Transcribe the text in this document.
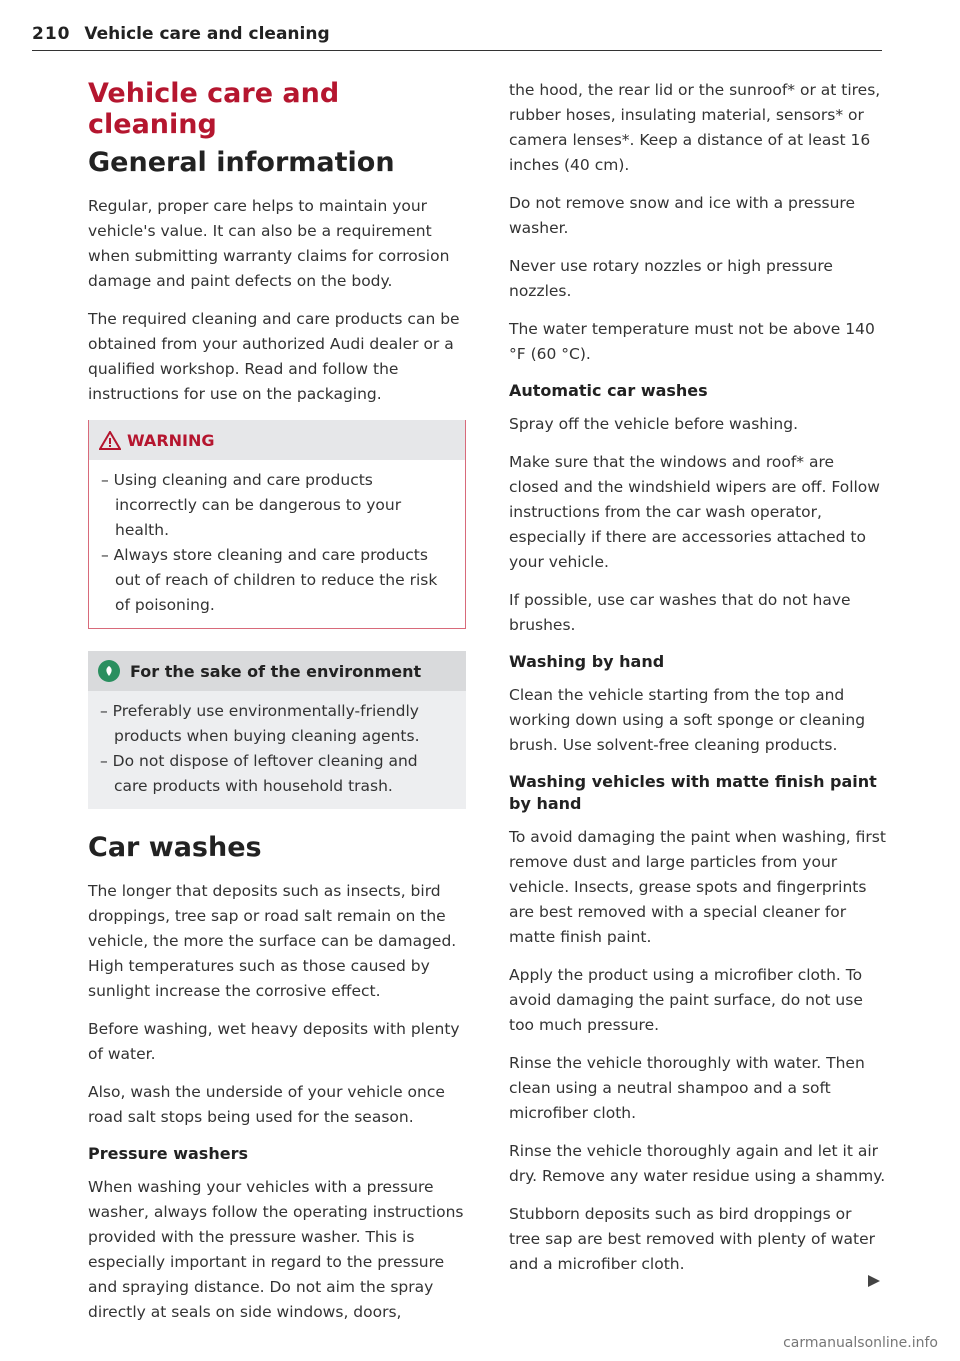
210 Vehicle care and cleaning
Vehicle care and cleaning
General information

Regular, proper care helps to maintain your vehicle's value. It can also be a requirement when submitting warranty claims for corrosion damage and paint defects on the body.

The required cleaning and care products can be obtained from your authorized Audi dealer or a qualified workshop. Read and follow the instructions for use on the packaging.

WARNING
– Using cleaning and care products incorrectly can be dangerous to your health.
– Always store cleaning and care products out of reach of children to reduce the risk of poisoning.
For the sake of the environment
– Preferably use environmentally-friendly products when buying cleaning agents.
– Do not dispose of leftover cleaning and care products with household trash.
Car washes

The longer that deposits such as insects, bird droppings, tree sap or road salt remain on the vehicle, the more the surface can be damaged. High temperatures such as those caused by sunlight increase the corrosive effect.

Before washing, wet heavy deposits with plenty of water.

Also, wash the underside of your vehicle once road salt stops being used for the season.

Pressure washers

When washing your vehicles with a pressure washer, always follow the operating instructions provided with the pressure washer. This is especially important in regard to the pressure and spraying distance. Do not aim the spray directly at seals on side windows, doors,

the hood, the rear lid or the sunroof* or at tires, rubber hoses, insulating material, sensors* or camera lenses*. Keep a distance of at least 16 inches (40 cm).

Do not remove snow and ice with a pressure washer.

Never use rotary nozzles or high pressure nozzles.

The water temperature must not be above 140 °F (60 °C).

Automatic car washes

Spray off the vehicle before washing.

Make sure that the windows and roof* are closed and the windshield wipers are off. Follow instructions from the car wash operator, especially if there are accessories attached to your vehicle.

If possible, use car washes that do not have brushes.

Washing by hand

Clean the vehicle starting from the top and working down using a soft sponge or cleaning brush. Use solvent-free cleaning products.

Washing vehicles with matte finish paint by hand

To avoid damaging the paint when washing, first remove dust and large particles from your vehicle. Insects, grease spots and fingerprints are best removed with a special cleaner for matte finish paint.

Apply the product using a microfiber cloth. To avoid damaging the paint surface, do not use too much pressure.

Rinse the vehicle thoroughly with water. Then clean using a neutral shampoo and a soft microfiber cloth.

Rinse the vehicle thoroughly again and let it air dry. Remove any water residue using a shammy.

Stubborn deposits such as bird droppings or tree sap are best removed with plenty of water and a microfiber cloth.

carmanualsonline.info
